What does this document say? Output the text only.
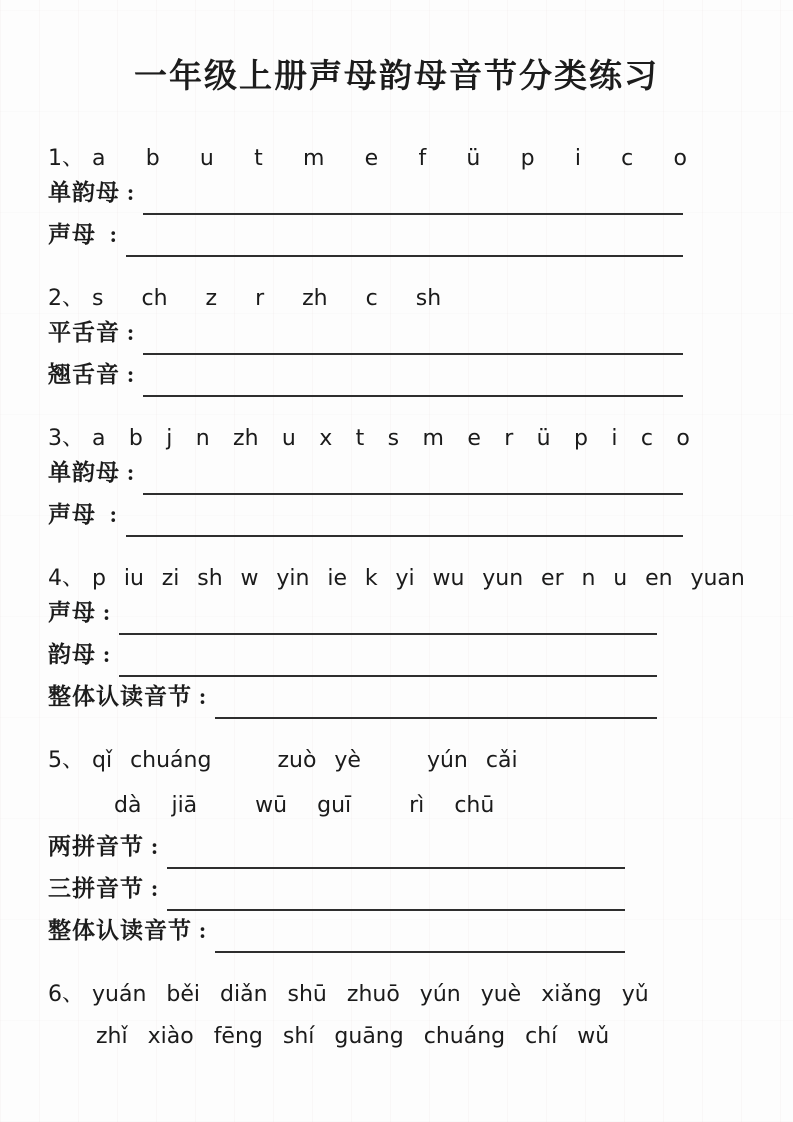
一年级上册声母韵母音节分类练习
1、 a b u t m e f ü p i c o
单韵母 :
声母  :
2、 s ch z r zh c sh
平舌音 :
翘舌音 :
3、 a b j n zh u x t s m e r ü p i c o
单韵母 :
声母  :
4、 p iu zi sh w yin ie k yi wu yun er n u en yuan
声母 :
韵母 :
整体认读音节 :
5、 qǐ chuáng	zuò yè	yún cǎi
dà jiā	wū guī	rì chū
两拼音节 :
三拼音节 :
整体认读音节 :
6、 yuán běi diǎn shū zhuō yún yuè xiǎng yǔ
zhǐ xiào fēng shí guāng chuáng chí wǔ
